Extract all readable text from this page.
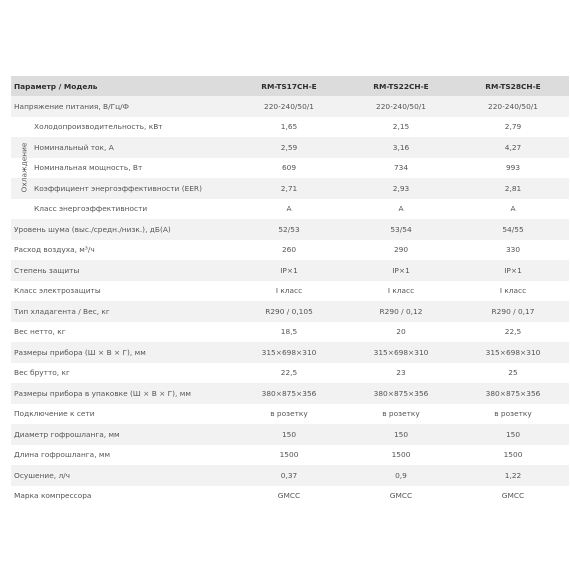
Параметр / Модель	RM-TS17CH-E	RM-TS22CH-E	RM-TS28CH-E
Напряжение питания, В/Гц/Ф	220-240/50/1	220-240/50/1	220-240/50/1
Холодопроизводительность, кВт	1,65	2,15	2,79
Номинальный ток, А	2,59	3,16	4,27
Номинальная мощность, Вт	609	734	993
Коэффициент энергоэффективности (EER)	2,71	2,93	2,81
Класс энергоэффективности	A	A	A
Уровень шума (выс./средн./низк.), дБ(А)	52/53	53/54	54/55
Расход воздуха, м³/ч	260	290	330
Степень защиты	IP×1	IP×1	IP×1
Класс электрозащиты	I класс	I класс	I класс
Тип хладагента / Вес, кг	R290 / 0,105	R290 / 0,12	R290 / 0,17
Вес нетто, кг	18,5	20	22,5
Размеры прибора (Ш × В × Г), мм	315×698×310	315×698×310	315×698×310
Вес брутто, кг	22,5	23	25
Размеры прибора в упаковке (Ш × В × Г), мм	380×875×356	380×875×356	380×875×356
Подключение к сети	в розетку	в розетку	в розетку
Диаметр гофрошланга, мм	150	150	150
Длина гофрошланга, мм	1500	1500	1500
Осушение, л/ч	0,37	0,9	1,22
Марка компрессора	GMCC	GMCC	GMCC
Охлаждение
